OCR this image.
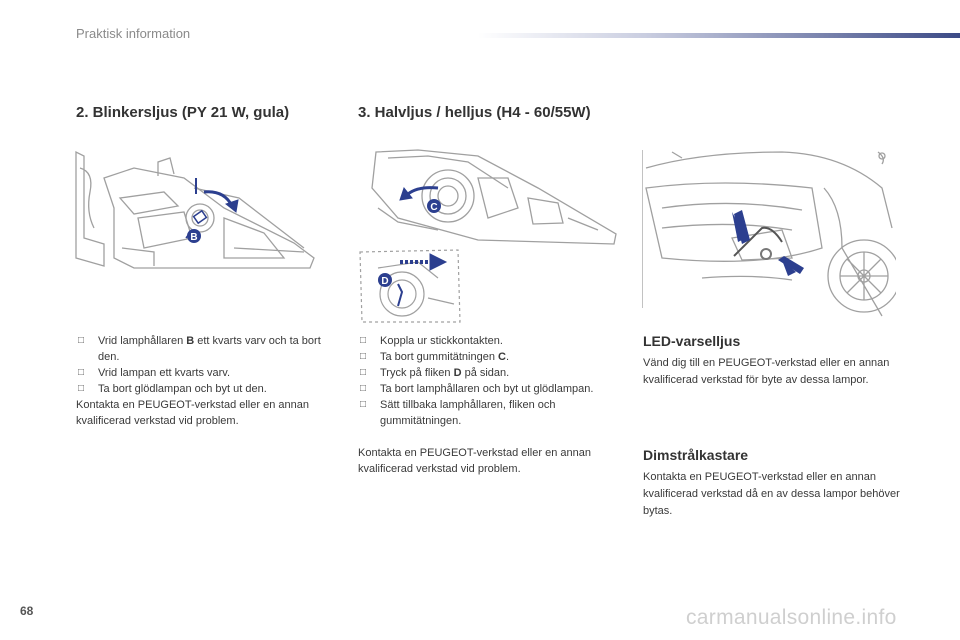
Praktisk information
2. Blinkersljus (PY 21 W, gula)	3. Halvljus / helljus (H4 - 60/55W)
B
C
D
□ Vrid lamphållaren B ett kvarts varv och ta bort den.
□ Vrid lampan ett kvarts varv.
□ Ta bort glödlampan och byt ut den.
Kontakta en PEUGEOT-verkstad eller en annan kvalificerad verkstad vid problem.
□ Koppla ur stickkontakten.
□ Ta bort gummitätningen C.
□ Tryck på fliken D på sidan.
□ Ta bort lamphållaren och byt ut glödlampan.
□ Sätt tillbaka lamphållaren, fliken och gummitätningen.
Kontakta en PEUGEOT-verkstad eller en annan kvalificerad verkstad vid problem.
LED-varselljus
Vänd dig till en PEUGEOT-verkstad eller en annan kvalificerad verkstad för byte av dessa lampor.
Dimstrålkastare
Kontakta en PEUGEOT-verkstad eller en annan kvalificerad verkstad då en av dessa lampor behöver bytas.
68	carmanualsonline.info
